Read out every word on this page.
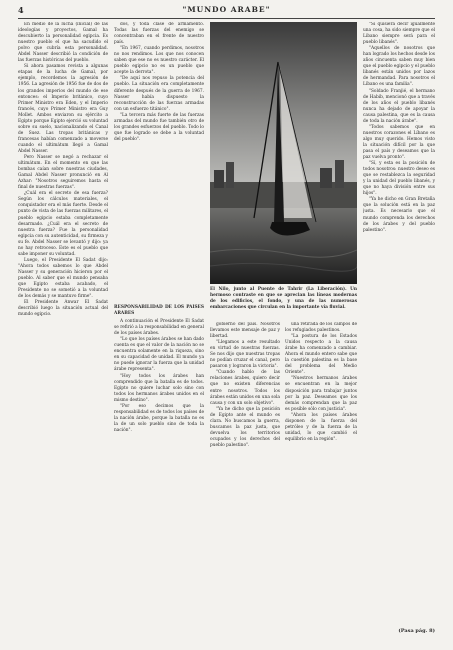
4	"MUNDO ARABE"

En medio de la lucha (inicial) de las ideologías y proyectos, Gamal ha descubierto la personalidad egipcia. Es nuestro pueblo el que ha sacudido el polvo que cubría esta personalidad. Abdel Nasser describió la condición de las fuerzas históricas del pueblo.

Si ahora pasamos revista a algunas etapas de la lucha de Gamal, por ejemplo, recordemos la agresión de 1956. La agresión de 1956 fue de dos de los grandes imperios del mundo de ese entonces: el Imperio británico, cuyo Primer Ministro era Eden, y el Imperio francés, cuyo Primer Ministro era Guy Mollet. Ambos enviaron su ejército a Egipto porque Egipto ejerció su voluntad sobre su suelo, nacionalizando el Canal de Suez. Las tropas británicas y francesas habían comenzado a moverse cuando el ultimátum llegó a Gamal Abdel Nasser.

Pero Nasser se negó a rechazar el ultimátum. En el momento en que las bombas caían sobre nuestras ciudades, Gamal Abdel Nasser pronunció en Al Azhar: "Nosotros seguiremos hasta el final de nuestras fuerzas".

¿Cuál era el secreto de esa fuerza? Según los cálculos materiales, el conquistador era el más fuerte. Desde el punto de vista de las fuerzas militares, el pueblo egipcio estaba completamente desarmado. ¿Cuál era el secreto de nuestra fuerza? Fue la personalidad egipcia con su autenticidad, su firmeza y su fe. Abdel Nasser se levantó y dijo: ya no hay retroceso. Este es el pueblo que sabe imponer su voluntad.

Luego, el Presidente El Sadat dijo: "Ahora todos sabemos lo que Abdel Nasser y su generación hicieron por el pueblo. Al saber que el mundo pensaba que Egipto estaba acabado, el Presidente no se sometió a la voluntad de los demás y se mantuvo firme".

El Presidente Anwar El Sadat describió luego la situación actual del mundo egipcio.

dos, y toda clase de armamento. Todas las fuerzas del enemigo se concentraban en el frente de nuestro país.

"En 1967, cuando perdimos, nosotros no nos rendimos. Los que nos conocen saben que ese no es nuestro carácter. El pueblo egipcio no es un pueblo que acepte la derrota".

"De aquí nos repuso la potencia del pueblo. La situación era completamente diferente después de la guerra de 1967. Nasser había dispuesto la reconstrucción de las fuerzas armadas con un esfuerzo titánico".

"La tercera más fuerte de las fuerzas armadas del mundo fue también otro de los grandes esfuerzos del pueblo. Todo lo que fue logrado se debe a la voluntad del pueblo".

RESPONSABILIDAD DE LOS PAISES ARABES

A continuación el Presidente El Sadat se refirió a la responsabilidad en general de los países árabes.

"Lo que los países árabes se han dado cuenta es que el valor de la nación no se encuentra solamente en la riqueza, sino en su capacidad de unidad. El mundo ya no puede ignorar la fuerza que la unidad árabe representa".

"Hoy todos los árabes han comprendido que la batalla es de todos. Egipto no quiere luchar solo sino con todos los hermanos árabes unidos en el mismo destino".

"Por eso decimos que la responsabilidad es de todos los países de la nación árabe, porque la batalla no es la de un solo pueblo sino de toda la nación".

El Nilo, junto al Puente de Tahrir (La Liberación). Un hermoso contraste en que se aprecian las líneas modernas de los edificios, el fondo, y una de las numerosas embarcaciones que circulan en la importante vía fluvial.

gobierno del país. Nosotros llevamos este mensaje de paz y libertad.

"Llegamos a este resultado en virtud de nuestras fuerzas. Se nos dijo que nuestras tropas no podían cruzar el canal, pero pasaron y lograron la victoria".

"Cuando hablo de las relaciones árabes, quiero decir que no existen diferencias entre nosotros. Todos los árabes están unidos en una sola causa y con un solo objetivo".

"Ya he dicho que la posición de Egipto ante el mundo es clara. No buscamos la guerra, buscamos la paz justa, que devuelva los territorios ocupados y los derechos del pueblo palestino".

una retirada de los campos de los refugiados palestinos.

"La postura de los Estados Unidos respecto a la causa árabe ha comenzado a cambiar. Ahora el mundo entero sabe que la cuestión palestina es la base del problema del Medio Oriente".

"Nuestros hermanos árabes se encuentran en la mejor disposición para trabajar juntos por la paz. Deseamos que los demás comprendan que la paz es posible sólo con justicia".

"Ahora los países árabes disponen de la fuerza del petróleo y de la fuerza de la unidad, lo que cambió el equilibrio en la región".

"Si quisiera decir igualmente una cosa, ha sido siempre que el Libano siempre será para el pueblo libanés".

"Aquellos de nosotros que han logrado los hechos desde los años cincuenta saben muy bien que el pueblo egipcio y el pueblo libanés están unidos por lazos de hermandad. Para nosotros el Líbano es una familia".

"Soldado Franjié, el hermano de Habib, mencionó que a través de los años el pueblo libanés nunca ha dejado de apoyar la causa palestina, que es la causa de toda la nación árabe".

"Todos sabemos que en nuestros corazones el Líbano es algo muy querido. Hemos visto la situación difícil por la que pasa el país y deseamos que la paz vuelva pronto".

"Sí, y esta es la posición de todos nosotros: nuestro deseo es que se restablezca la seguridad y la unidad del pueblo libanés, y que no haya división entre sus hijos".

"Ya he dicho en Gran Bretaña que la solución está en la paz justa. Es necesario que el mundo comprenda los derechos de los árabes y del pueblo palestino".

(Pasa pág. 8)
